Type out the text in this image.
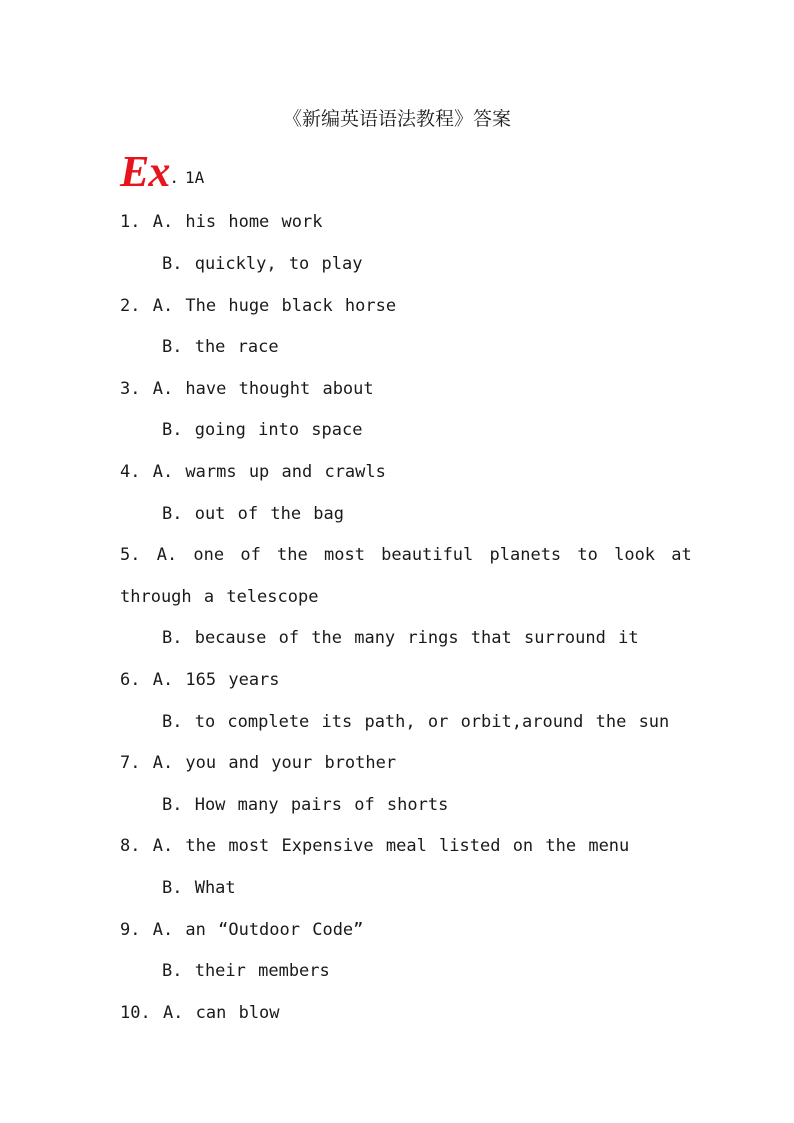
《新编英语语法教程》答案
Ex. 1A
1. A. his home work
B. quickly, to play
2. A. The huge black horse
B. the race
3. A. have thought about
B. going into space
4. A. warms up and crawls
B. out of the bag
5. A. one of the most beautiful planets to look at
through a telescope
B. because of the many rings that surround it
6. A. 165 years
B. to complete its path, or orbit,around the sun
7. A. you and your brother
B. How many pairs of shorts
8. A. the most Expensive meal listed on the menu
B. What
9. A. an “Outdoor Code”
B. their members
10. A. can blow
